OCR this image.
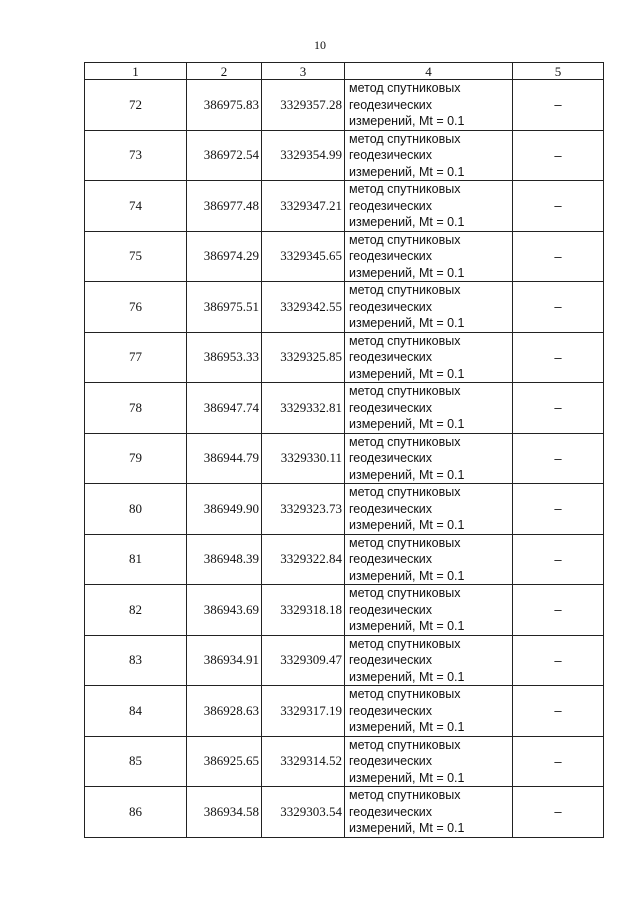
10
1	2	3	4	5
72	386975.83	3329357.28	метод спутниковых
геодезических
измерений, Mt = 0.1	–
73	386972.54	3329354.99	метод спутниковых
геодезических
измерений, Mt = 0.1	–
74	386977.48	3329347.21	метод спутниковых
геодезических
измерений, Mt = 0.1	–
75	386974.29	3329345.65	метод спутниковых
геодезических
измерений, Mt = 0.1	–
76	386975.51	3329342.55	метод спутниковых
геодезических
измерений, Mt = 0.1	–
77	386953.33	3329325.85	метод спутниковых
геодезических
измерений, Mt = 0.1	–
78	386947.74	3329332.81	метод спутниковых
геодезических
измерений, Mt = 0.1	–
79	386944.79	3329330.11	метод спутниковых
геодезических
измерений, Mt = 0.1	–
80	386949.90	3329323.73	метод спутниковых
геодезических
измерений, Mt = 0.1	–
81	386948.39	3329322.84	метод спутниковых
геодезических
измерений, Mt = 0.1	–
82	386943.69	3329318.18	метод спутниковых
геодезических
измерений, Mt = 0.1	–
83	386934.91	3329309.47	метод спутниковых
геодезических
измерений, Mt = 0.1	–
84	386928.63	3329317.19	метод спутниковых
геодезических
измерений, Mt = 0.1	–
85	386925.65	3329314.52	метод спутниковых
геодезических
измерений, Mt = 0.1	–
86	386934.58	3329303.54	метод спутниковых
геодезических
измерений, Mt = 0.1	–
